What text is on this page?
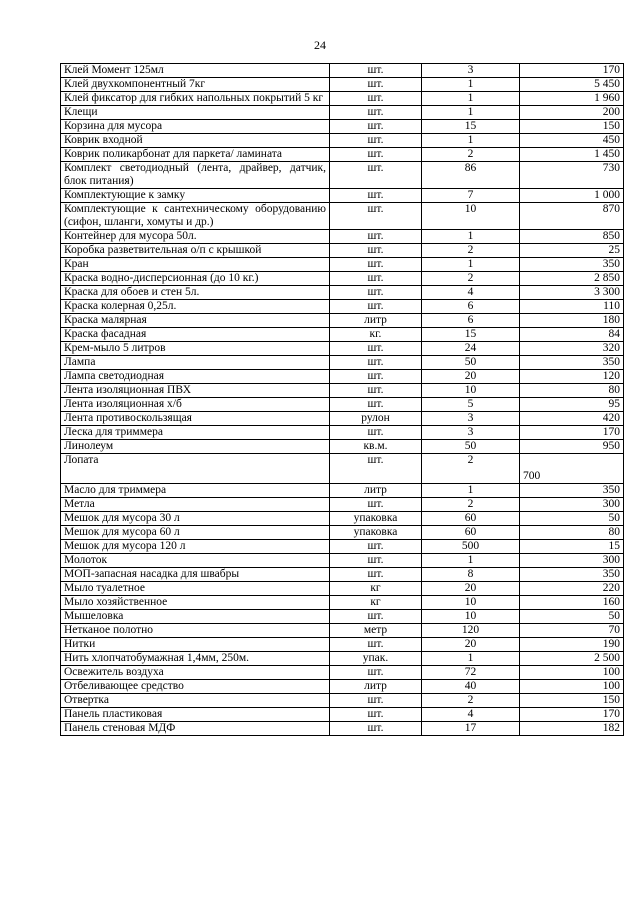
24
Клей Момент 125мл	шт.	3	170
Клей двухкомпонентный 7кг	шт.	1	5 450
Клей фиксатор для гибких напольных покрытий 5 кг	шт.	1	1 960
Клещи	шт.	1	200
Корзина для мусора	шт.	15	150
Коврик входной	шт.	1	450
Коврик поликарбонат для паркета/ ламината	шт.	2	1 450
Комплект светодиодный (лента, драйвер, датчик, блок питания)	шт.	86	730
Комплектующие к замку	шт.	7	1 000
Комплектующие к сантехническому оборудованию (сифон, шланги, хомуты и др.)	шт.	10	870
Контейнер для мусора 50л.	шт.	1	850
Коробка разветвительная о/п с крышкой	шт.	2	25
Кран	шт.	1	350
Краска водно-дисперсионная (до 10 кг.)	шт.	2	2 850
Краска для обоев и стен 5л.	шт.	4	3 300
Краска колерная 0,25л.	шт.	6	110
Краска малярная	литр	6	180
Краска фасадная	кг.	15	84
Крем-мыло 5 литров	шт.	24	320
Лампа	шт.	50	350
Лампа светодиодная	шт.	20	120
Лента изоляционная ПВХ	шт.	10	80
Лента изоляционная х/б	шт.	5	95
Лента противоскользящая	рулон	3	420
Леска для триммера	шт.	3	170
Линолеум	кв.м.	50	950
Лопата	шт.	2	700
Масло для триммера	литр	1	350
Метла	шт.	2	300
Мешок для мусора 30 л	упаковка	60	50
Мешок для мусора 60 л	упаковка	60	80
Мешок для мусора 120 л	шт.	500	15
Молоток	шт.	1	300
МОП-запасная насадка для швабры	шт.	8	350
Мыло туалетное	кг	20	220
Мыло хозяйственное	кг	10	160
Мышеловка	шт.	10	50
Нетканое полотно	метр	120	70
Нитки	шт.	20	190
Нить хлопчатобумажная 1,4мм, 250м.	упак.	1	2 500
Освежитель воздуха	шт.	72	100
Отбеливающее средство	литр	40	100
Отвертка	шт.	2	150
Панель пластиковая	шт.	4	170
Панель стеновая МДФ	шт.	17	182
